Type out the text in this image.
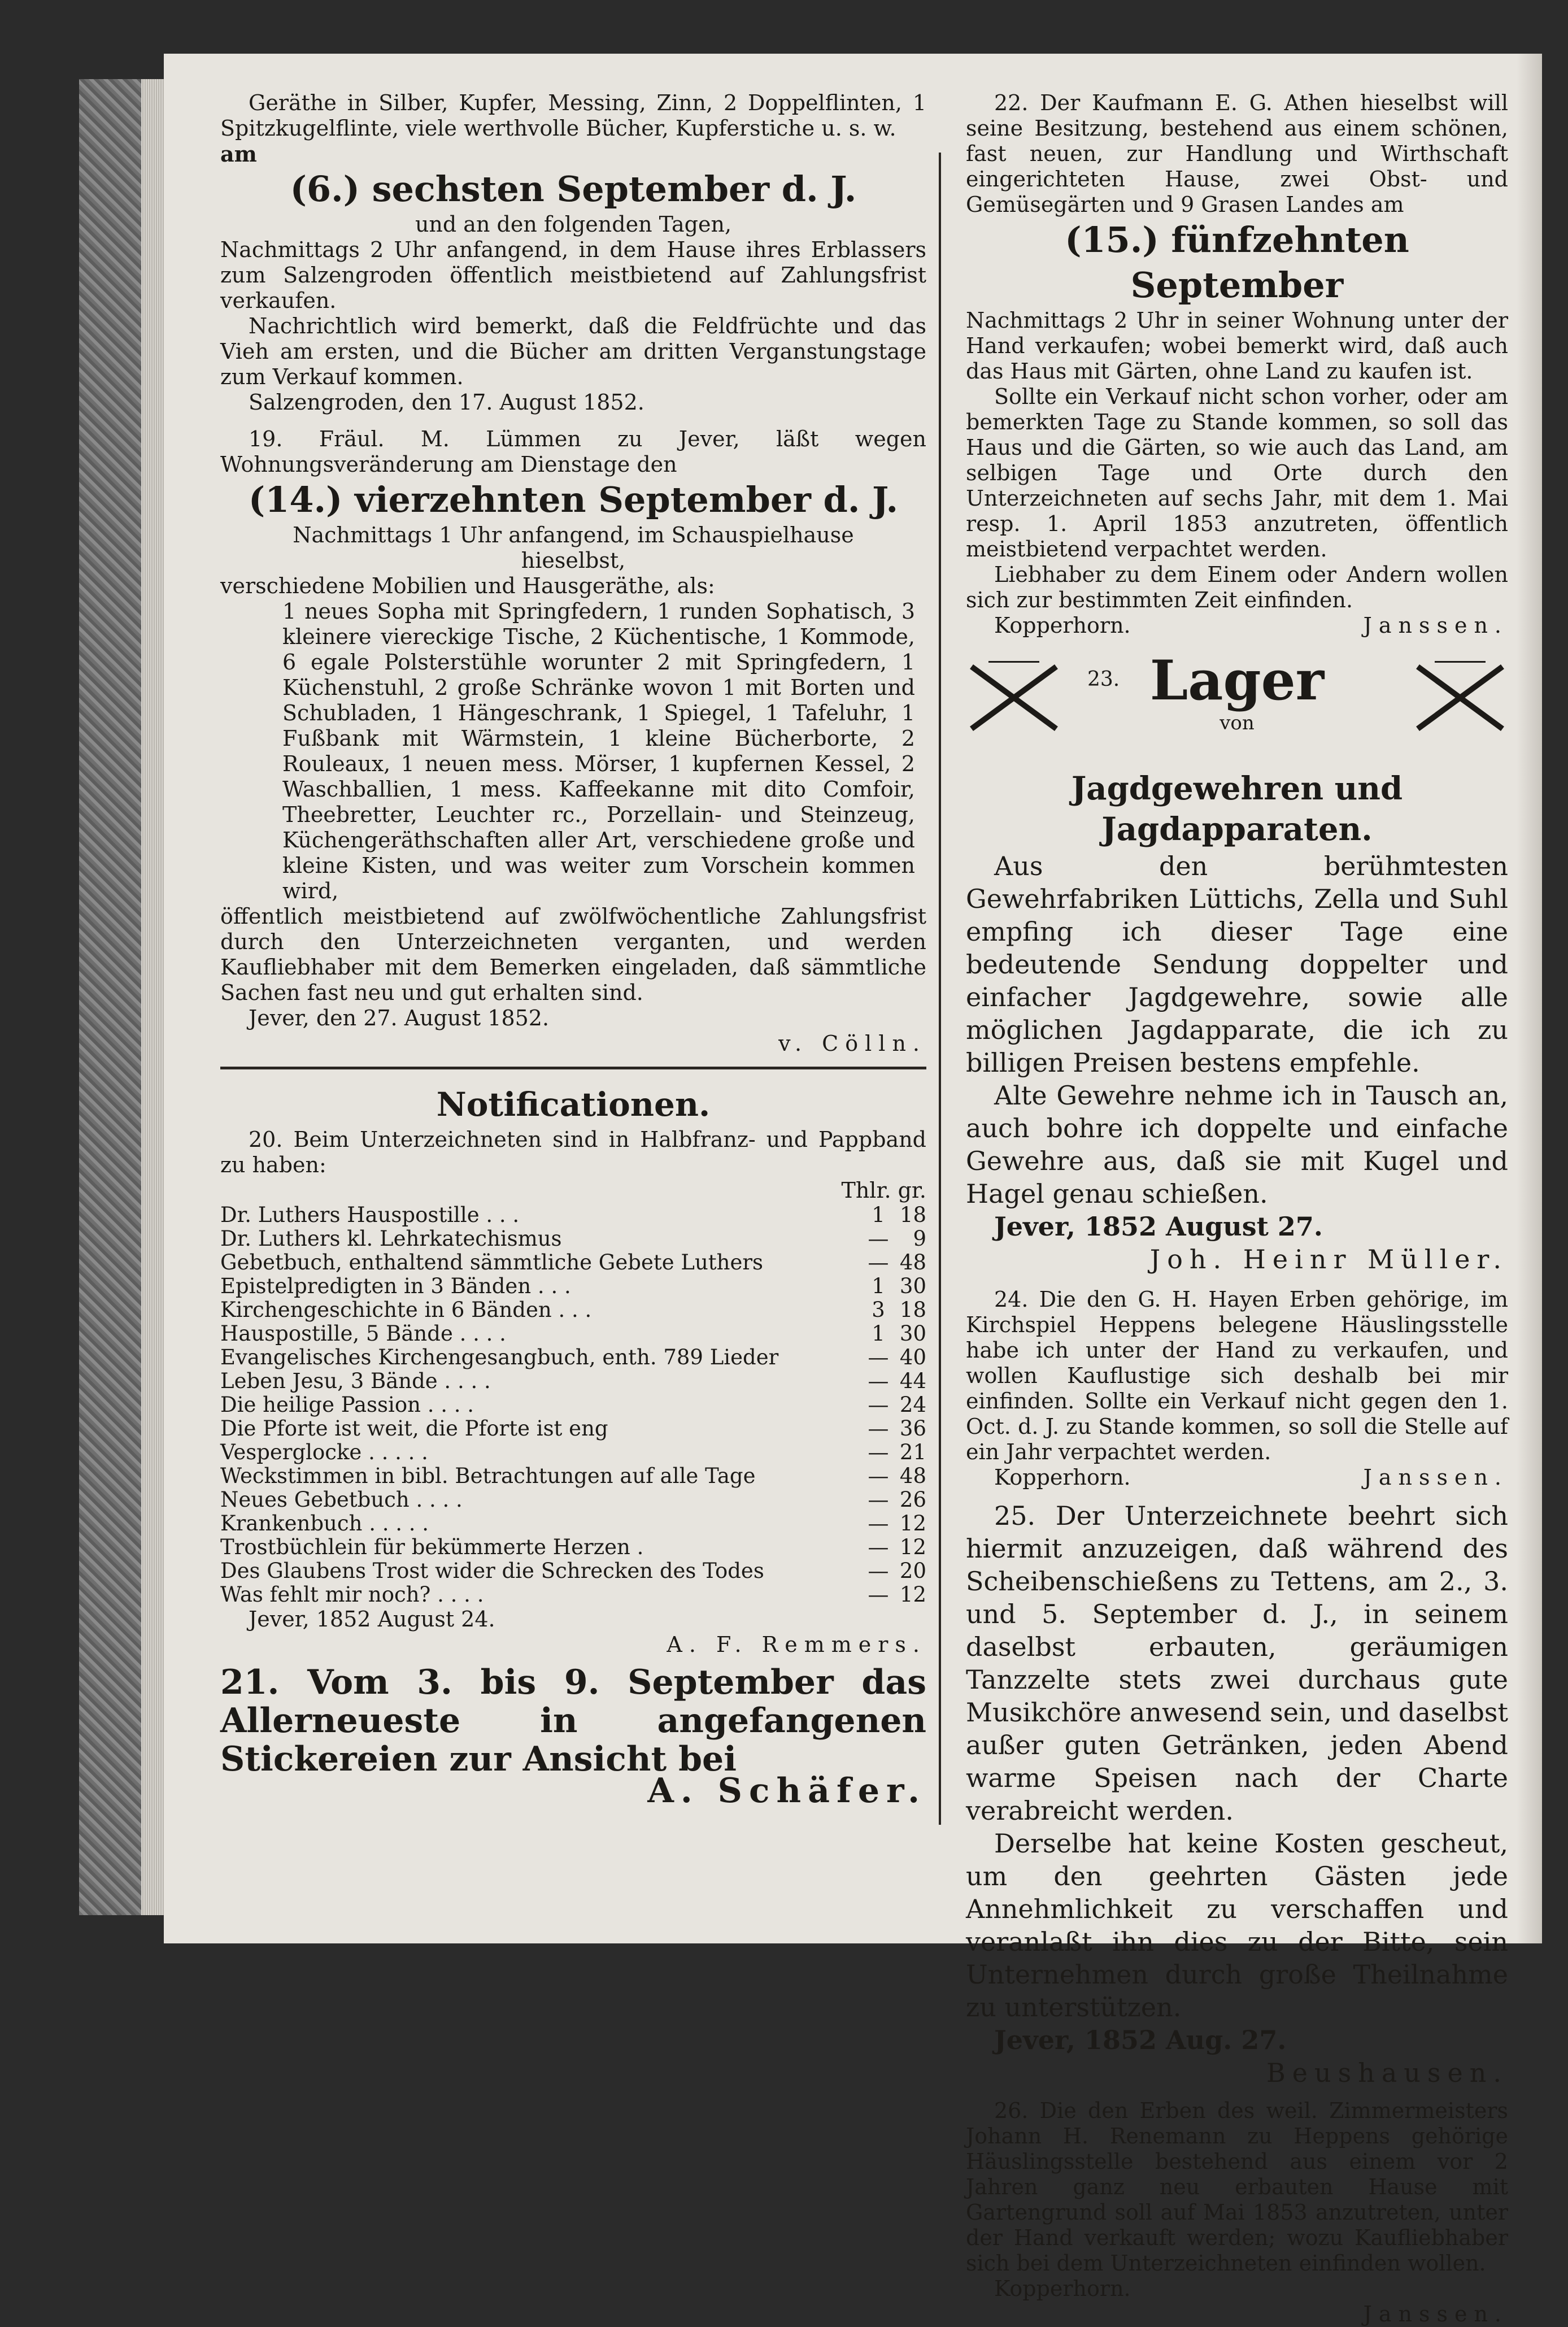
Geräthe in Silber, Kupfer, Messing, Zinn, 2 Doppelflinten, 1 Spitzkugelflinte, viele werthvolle Bücher, Kupferstiche u. s. w.

am

(6.) sechsten September d. J.

und an den folgenden Tagen,

Nachmittags 2 Uhr anfangend, in dem Hause ihres Erblassers zum Salzengroden öffentlich meistbietend auf Zahlungsfrist verkaufen.

Nachrichtlich wird bemerkt, daß die Feldfrüchte und das Vieh am ersten, und die Bücher am dritten Verganstungstage zum Verkauf kommen.

Salzengroden, den 17. August 1852.

19. Fräul. M. Lümmen zu Jever, läßt wegen Wohnungsveränderung am Dienstage den

(14.) vierzehnten September d. J.

Nachmittags 1 Uhr anfangend, im Schauspielhause

hieselbst,

verschiedene Mobilien und Hausgeräthe, als:

1 neues Sopha mit Springfedern, 1 runden Sophatisch, 3 kleinere viereckige Tische, 2 Küchentische, 1 Kommode, 6 egale Polsterstühle worunter 2 mit Springfedern, 1 Küchenstuhl, 2 große Schränke wovon 1 mit Borten und Schubladen, 1 Hängeschrank, 1 Spiegel, 1 Tafeluhr, 1 Fußbank mit Wärmstein, 1 kleine Bücherborte, 2 Rouleaux, 1 neuen mess. Mörser, 1 kupfernen Kessel, 2 Waschballien, 1 mess. Kaffeekanne mit dito Comfoir, Theebretter, Leuchter rc., Porzellain- und Steinzeug, Küchengeräthschaften aller Art, verschiedene große und kleine Kisten, und was weiter zum Vorschein kommen wird,

öffentlich meistbietend auf zwölfwöchentliche Zahlungsfrist durch den Unterzeichneten verganten, und werden Kaufliebhaber mit dem Bemerken eingeladen, daß sämmtliche Sachen fast neu und gut erhalten sind.

Jever, den 27. August 1852.

v. Cölln.

Notificationen.

20. Beim Unterzeichneten sind in Halbfranz- und Pappband zu haben:

Thlr. gr.

Dr. Luthers Hauspostille . . .	1	18
Dr. Luthers kl. Lehrkatechismus	—	9
Gebetbuch, enthaltend sämmtliche Gebete Luthers	—	48
Epistelpredigten in 3 Bänden . . .	1	30
Kirchengeschichte in 6 Bänden . . .	3	18
Hauspostille, 5 Bände . . . .	1	30
Evangelisches Kirchengesangbuch, enth. 789 Lieder	—	40
Leben Jesu, 3 Bände . . . .	—	44
Die heilige Passion . . . .	—	24
Die Pforte ist weit, die Pforte ist eng	—	36
Vesperglocke . . . . .	—	21
Weckstimmen in bibl. Betrachtungen auf alle Tage	—	48
Neues Gebetbuch . . . .	—	26
Krankenbuch . . . . .	—	12
Trostbüchlein für bekümmerte Herzen .	—	12
Des Glaubens Trost wider die Schrecken des Todes	—	20
Was fehlt mir noch? . . . .	—	12

Jever, 1852 August 24.

A. F. Remmers.

21. Vom 3. bis 9. September das Allerneueste in angefangenen Stickereien zur Ansicht bei

A. Schäfer.

22. Der Kaufmann E. G. Athen hieselbst will seine Besitzung, bestehend aus einem schönen, fast neuen, zur Handlung und Wirthschaft eingerichteten Hause, zwei Obst- und Gemüsegärten und 9 Grasen Landes am

(15.) fünfzehnten September

Nachmittags 2 Uhr in seiner Wohnung unter der Hand verkaufen; wobei bemerkt wird, daß auch das Haus mit Gärten, ohne Land zu kaufen ist.

Sollte ein Verkauf nicht schon vorher, oder am bemerkten Tage zu Stande kommen, so soll das Haus und die Gärten, so wie auch das Land, am selbigen Tage und Orte durch den Unterzeichneten auf sechs Jahr, mit dem 1. Mai resp. 1. April 1853 anzutreten, öffentlich meistbietend verpachtet werden.

Liebhaber zu dem Einem oder Andern wollen sich zur bestimmten Zeit einfinden.

Kopperhorn.	Janssen.

23. Lager
von

Jagdgewehren und Jagdapparaten.

Aus den berühmtesten Gewehrfabriken Lüttichs, Zella und Suhl empfing ich dieser Tage eine bedeutende Sendung doppelter und einfacher Jagdgewehre, sowie alle möglichen Jagdapparate, die ich zu billigen Preisen bestens empfehle.

Alte Gewehre nehme ich in Tausch an, auch bohre ich doppelte und einfache Gewehre aus, daß sie mit Kugel und Hagel genau schießen.

Jever, 1852 August 27.

Joh. Heinr Müller.

24. Die den G. H. Hayen Erben gehörige, im Kirchspiel Heppens belegene Häuslingsstelle habe ich unter der Hand zu verkaufen, und wollen Kauflustige sich deshalb bei mir einfinden. Sollte ein Verkauf nicht gegen den 1. Oct. d. J. zu Stande kommen, so soll die Stelle auf ein Jahr verpachtet werden.

Kopperhorn.	Janssen.

25. Der Unterzeichnete beehrt sich hiermit anzuzeigen, daß während des Scheibenschießens zu Tettens, am 2., 3. und 5. September d. J., in seinem daselbst erbauten, geräumigen Tanzzelte stets zwei durchaus gute Musikchöre anwesend sein, und daselbst außer guten Getränken, jeden Abend warme Speisen nach der Charte verabreicht werden.

Derselbe hat keine Kosten gescheut, um den geehrten Gästen jede Annehmlichkeit zu verschaffen und veranlaßt ihn dies zu der Bitte, sein Unternehmen durch große Theilnahme zu unterstützen.

Jever, 1852 Aug. 27.

Beushausen.

26. Die den Erben des weil. Zimmermeisters Johann H. Renemann zu Heppens gehörige Häuslingsstelle bestehend aus einem vor 2 Jahren ganz neu erbauten Hause mit Gartengrund soll auf Mai 1853 anzutreten, unter der Hand verkauft werden; wozu Kaufliebhaber sich bei dem Unterzeichneten einfinden wollen.

Kopperhorn.

Janssen.
